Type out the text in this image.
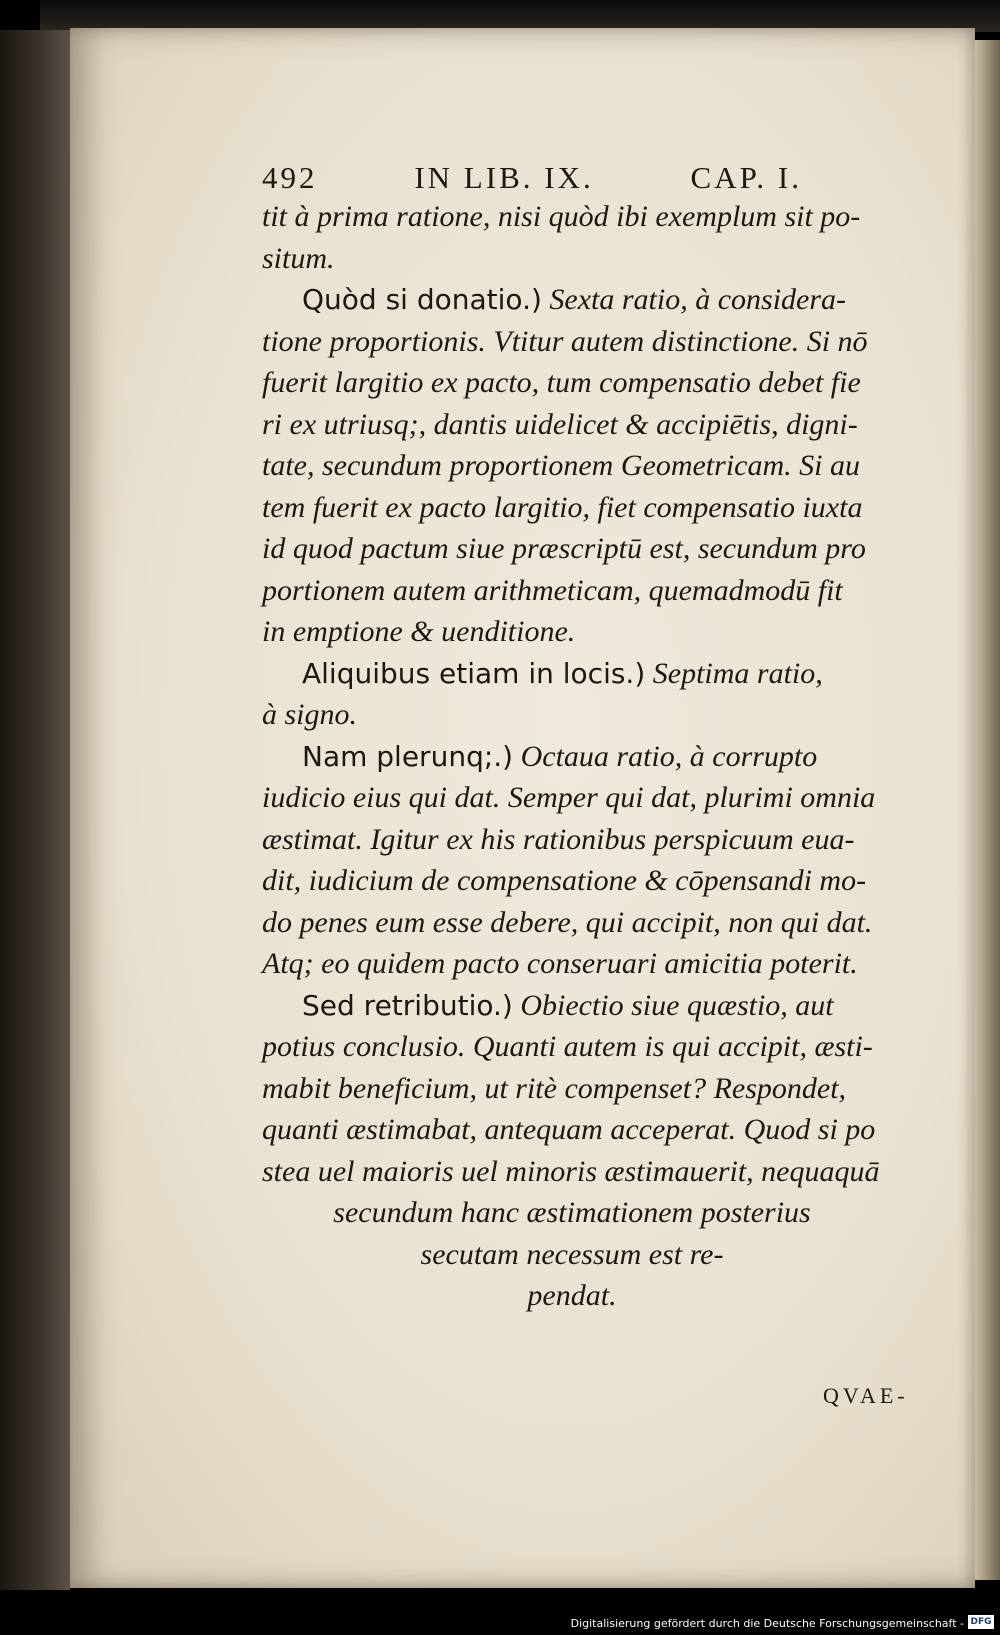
492	IN LIB. IX.	CAP. I.
tit à prima ratione, nisi quòd ibi exemplum sit po-
situm.
Quòd si donatio.) Sexta ratio, à considera-
tione proportionis. Vtitur autem distinctione. Si nō
fuerit largitio ex pacto, tum compensatio debet fie
ri ex utriusq;, dantis uidelicet & accipiētis, digni-
tate, secundum proportionem Geometricam. Si au
tem fuerit ex pacto largitio, fiet compensatio iuxta
id quod pactum siue præscriptū est, secundum pro
portionem autem arithmeticam, quemadmodū fit
in emptione & uenditione.
Aliquibus etiam in locis.) Septima ratio,
à signo.
Nam plerunq;.) Octaua ratio, à corrupto
iudicio eius qui dat. Semper qui dat, plurimi omnia
æstimat. Igitur ex his rationibus perspicuum eua-
dit, iudicium de compensatione & cōpensandi mo-
do penes eum esse debere, qui accipit, non qui dat.
Atq; eo quidem pacto conseruari amicitia poterit.
Sed retributio.) Obiectio siue quæstio, aut
potius conclusio. Quanti autem is qui accipit, æsti-
mabit beneficium, ut ritè compenset? Respondet,
quanti æstimabat, antequam acceperat. Quod si po
stea uel maioris uel minoris æstimauerit, nequaquā
secundum hanc æstimationem posterius
secutam necessum est re-
pendat.
QVAE-
Digitalisierung gefördert durch die Deutsche Forschungsgemeinschaft - DFG
